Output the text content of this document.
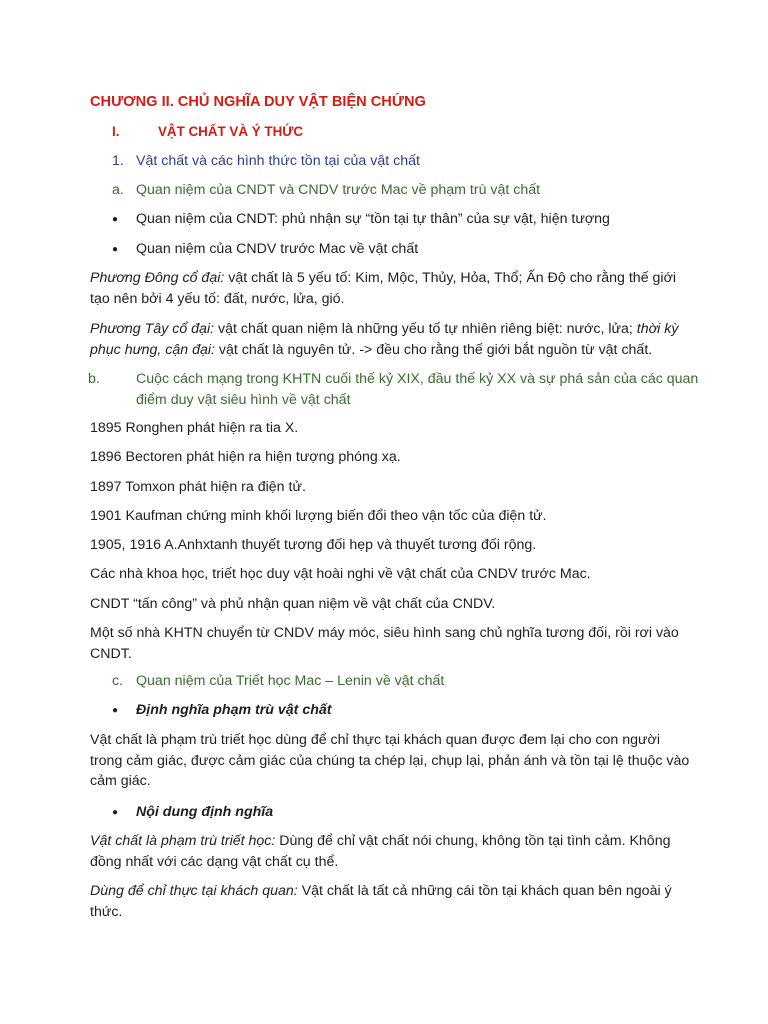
CHƯƠNG II. CHỦ NGHĨA DUY VẬT BIỆN CHỨNG
I.	VẬT CHẤT VÀ Ý THỨC
1. Vật chất và các hình thức tồn tại của vật chất
a. Quan niệm của CNDT và CNDV trước Mac về phạm trù vật chất
● Quan niệm của CNDT: phủ nhận sự “tồn tại tự thân” của sự vật, hiện tượng
● Quan niệm của CNDV trước Mac về vật chất
Phương Đông cổ đại: vật chất là 5 yếu tố: Kim, Mộc, Thủy, Hỏa, Thổ; Ấn Độ cho rằng thế giới tạo nên bởi 4 yếu tố: đất, nước, lửa, gió.
Phương Tây cổ đại: vật chất quan niệm là những yếu tố tự nhiên riêng biệt: nước, lửa; thời kỳ phục hưng, cận đại: vật chất là nguyên tử. -> đều cho rằng thế giới bắt nguồn từ vật chất.
b.	Cuộc cách mạng trong KHTN cuối thế kỷ XIX, đầu thế kỷ XX và sự phá sản của các quan điểm duy vật siêu hình về vật chất
1895 Ronghen phát hiện ra tia X.
1896 Bectoren phát hiện ra hiện tượng phóng xạ.
1897 Tomxon phát hiện ra điện tử.
1901 Kaufman chứng minh khối lượng biến đổi theo vận tốc của điện tử.
1905, 1916 A.Anhxtanh thuyết tương đối hẹp và thuyết tương đối rộng.
Các nhà khoa học, triết học duy vật hoài nghi về vật chất của CNDV trước Mac.
CNDT “tấn công” và phủ nhận quan niệm về vật chất của CNDV.
Một số nhà KHTN chuyển từ CNDV máy móc, siêu hình sang chủ nghĩa tương đối, rồi rơi vào CNDT.
c. Quan niệm của Triết học Mac – Lenin về vật chất
● Định nghĩa phạm trù vật chất
Vật chất là phạm trù triết học dùng để chỉ thực tại khách quan được đem lại cho con người trong cảm giác, được cảm giác của chúng ta chép lại, chụp lại, phản ánh và tồn tại lệ thuộc vào cảm giác.
● Nội dung định nghĩa
Vật chất là phạm trù triết học: Dùng để chỉ vật chất nói chung, không tồn tại tình cảm. Không đồng nhất với các dạng vật chất cụ thể.
Dùng để chỉ thực tại khách quan: Vật chất là tất cả những cái tồn tại khách quan bên ngoài ý thức.
